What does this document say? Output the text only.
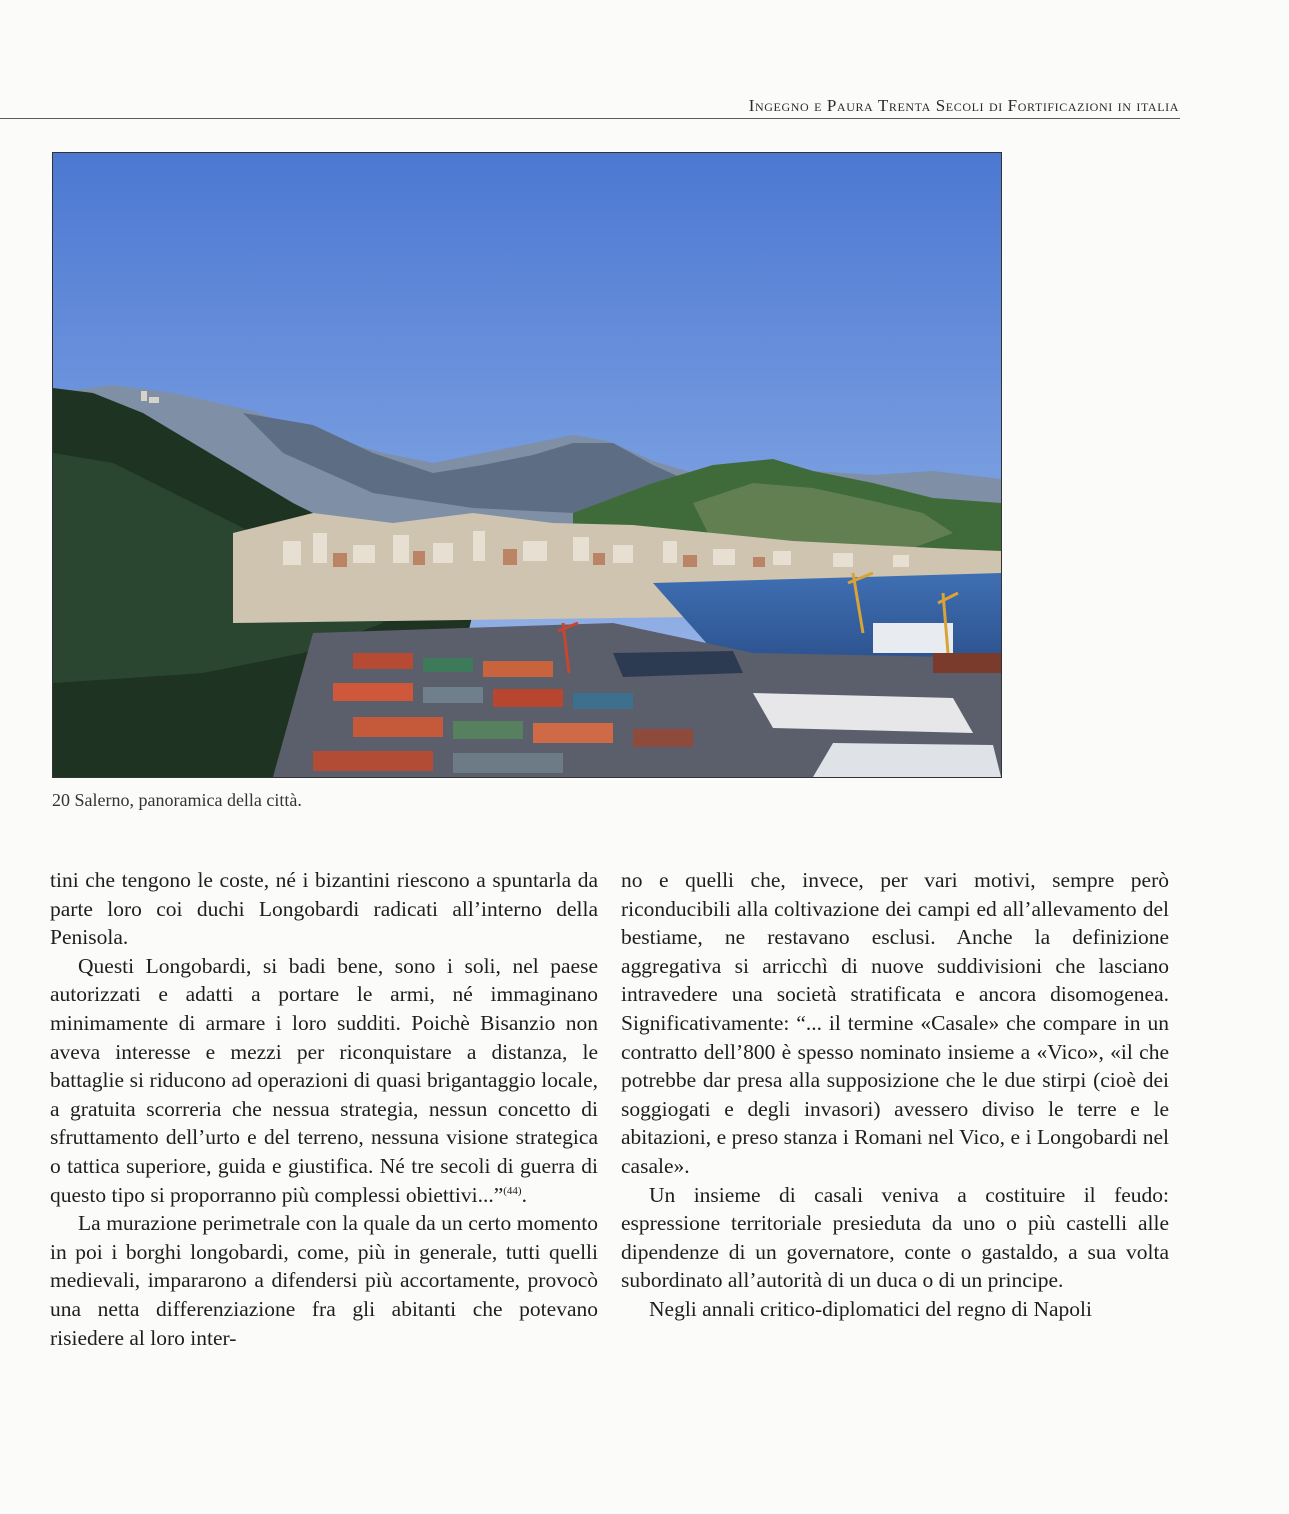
Ingegno e Paura Trenta Secoli di Fortificazioni in italia
20 Salerno, panoramica della città.

tini che tengono le coste, né i bizantini riescono a spuntarla da parte loro coi duchi Longobardi radicati all’interno della Penisola.

Questi Longobardi, si badi bene, sono i soli, nel paese autorizzati e adatti a portare le armi, né immaginano minimamente di armare i loro sudditi. Poichè Bisanzio non aveva interesse e mezzi per riconquistare a distanza, le battaglie si riducono ad operazioni di quasi brigantaggio locale, a gratuita scorreria che nessua strategia, nessun concetto di sfruttamento dell’urto e del terreno, nessuna visione strategica o tattica superiore, guida e giustifica. Né tre secoli di guerra di questo tipo si proporranno più complessi obiettivi...”$^{(44)}$.

La murazione perimetrale con la quale da un certo momento in poi i borghi longobardi, come, più in generale, tutti quelli medievali, impararono a difendersi più accortamente, provocò una netta differenziazione fra gli abitanti che potevano risiedere al loro inter-

no e quelli che, invece, per vari motivi, sempre però riconducibili alla coltivazione dei campi ed all’allevamento del bestiame, ne restavano esclusi. Anche la definizione aggregativa si arricchì di nuove suddivisioni che lasciano intravedere una società stratificata e ancora disomogenea. Significativamente: “... il termine «Casale» che compare in un contratto dell’800 è spesso nominato insieme a «Vico», «il che potrebbe dar presa alla supposizione che le due stirpi (cioè dei soggiogati e degli invasori) avessero diviso le terre e le abitazioni, e preso stanza i Romani nel Vico, e i Longobardi nel casale».

Un insieme di casali veniva a costituire il feudo: espressione territoriale presieduta da uno o più castelli alle dipendenze di un governatore, conte o gastaldo, a sua volta subordinato all’autorità di un duca o di un principe.

Negli annali critico-diplomatici del regno di Napoli
